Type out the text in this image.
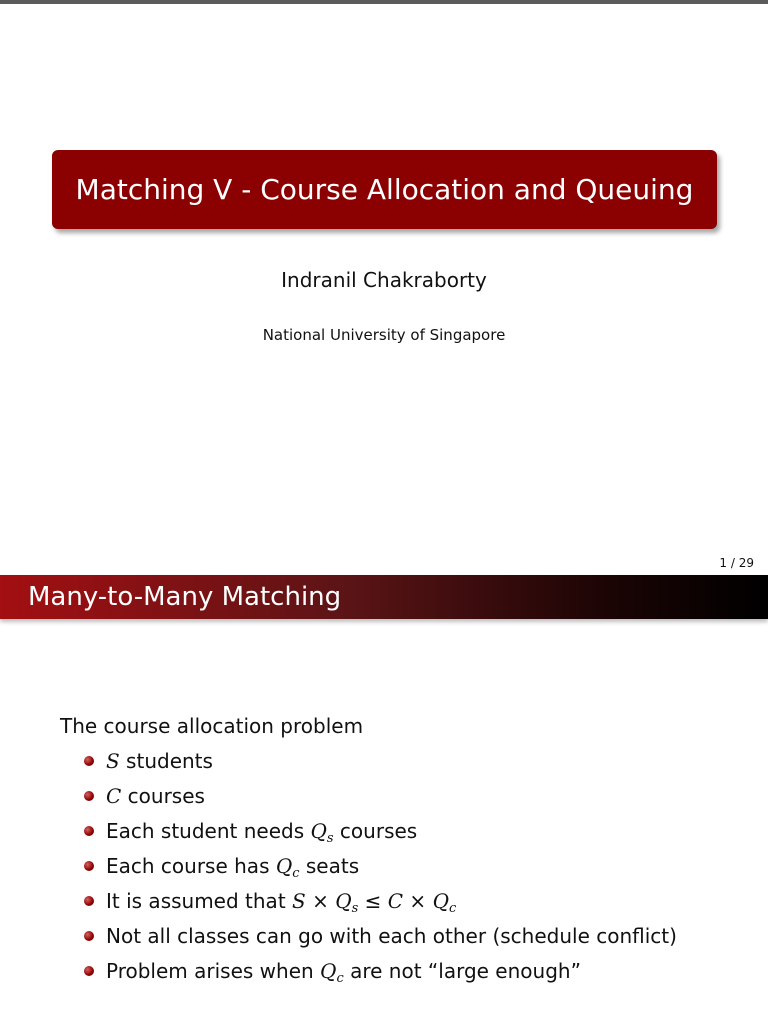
Matching V - Course Allocation and Queuing
Indranil Chakraborty
National University of Singapore
1 / 29
Many-to-Many Matching

The course allocation problem

S students
C courses
Each student needs $Q_s$ courses
Each course has $Q_c$ seats
It is assumed that $S \times Q_s \le C \times Q_c$
Not all classes can go with each other (schedule conflict)
Problem arises when $Q_c$ are not “large enough”
